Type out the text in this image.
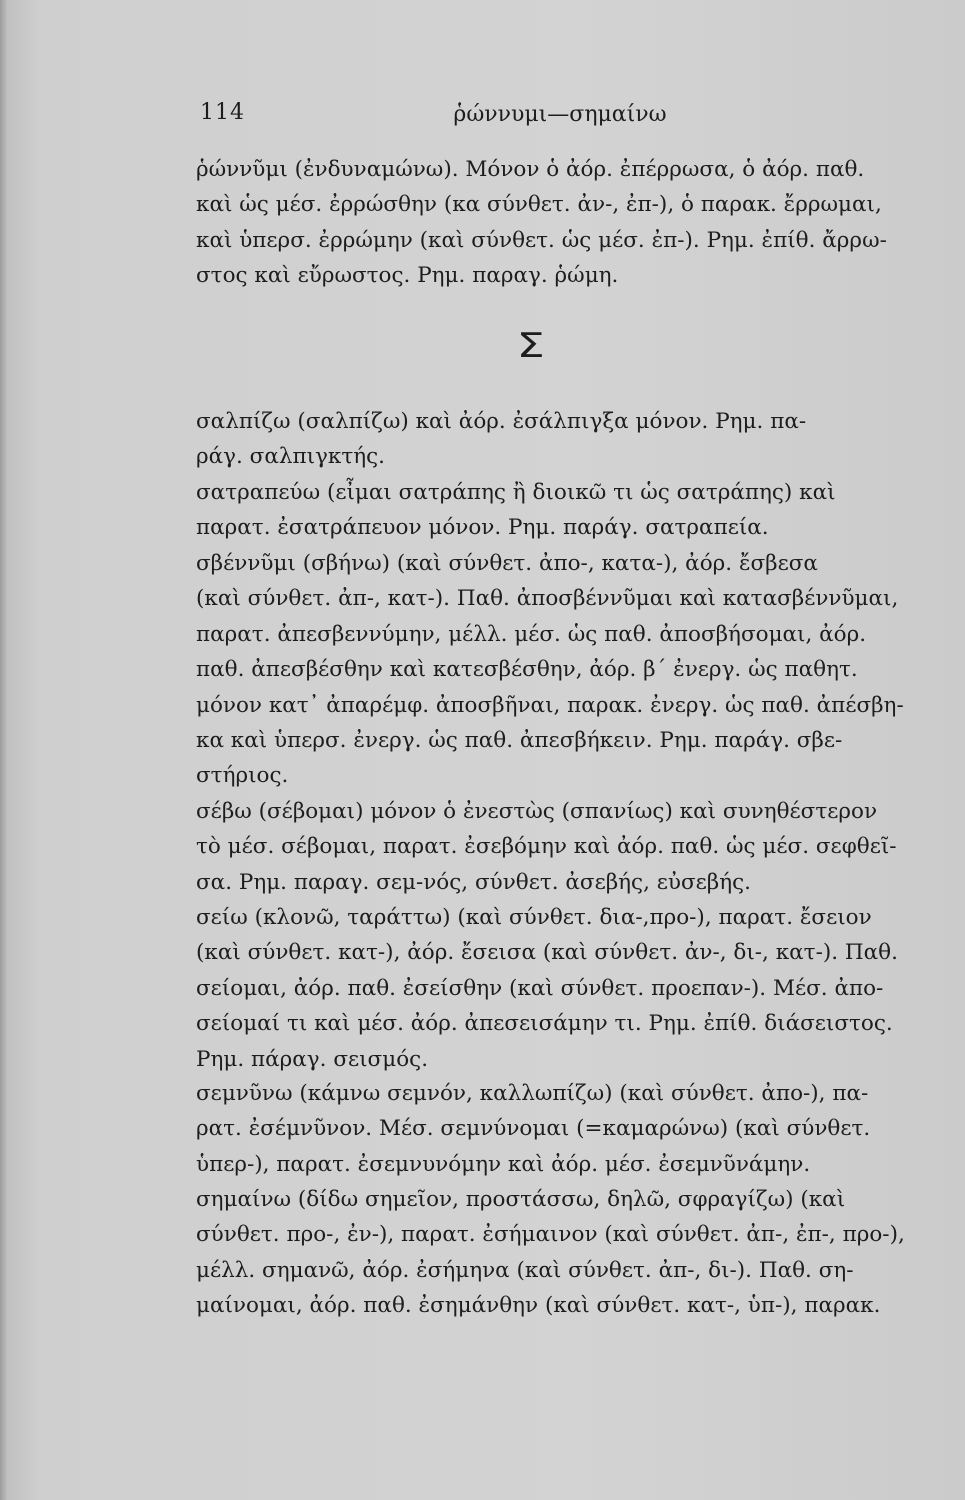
114	ῥώννυμι—σημαίνω
ῥώννῦμι (ἐνδυναμώνω). Μόνον ὁ ἀόρ. ἐπέρρωσα, ὁ ἀόρ. παθ.
καὶ ὡς μέσ. ἐρρώσθην (κα σύνθετ. ἀν-, ἐπ-), ὁ παρακ. ἔρρωμαι,
καὶ ὑπερσ. ἐρρώμην (καὶ σύνθετ. ὡς μέσ. ἐπ-). Ρημ. ἐπίθ. ἄρρω-
στος καὶ εὔρωστος. Ρημ. παραγ. ῥώμη.
Σ
σαλπίζω (σαλπίζω) καὶ ἀόρ. ἐσάλπιγξα μόνον. Ρημ. πα-
ράγ. σαλπιγκτής.
σατραπεύω (εἶμαι σατράπης ἢ διοικῶ τι ὡς σατράπης) καὶ
παρατ. ἐσατράπευον μόνον. Ρημ. παράγ. σατραπεία.
σβέννῦμι (σβήνω) (καὶ σύνθετ. ἀπο-, κατα-), ἀόρ. ἔσβεσα
(καὶ σύνθετ. ἀπ-, κατ-). Παθ. ἀποσβέννῦμαι καὶ κατασβέννῦμαι,
παρατ. ἀπεσβεννύμην, μέλλ. μέσ. ὡς παθ. ἀποσβήσομαι, ἀόρ.
παθ. ἀπεσβέσθην καὶ κατεσβέσθην, ἀόρ. β΄ ἐνεργ. ὡς παθητ.
μόνον κατ᾽ ἀπαρέμφ. ἀποσβῆναι, παρακ. ἐνεργ. ὡς παθ. ἀπέσβη-
κα καὶ ὑπερσ. ἐνεργ. ὡς παθ. ἀπεσβήκειν. Ρημ. παράγ. σβε-
στήριος.
σέβω (σέβομαι) μόνον ὁ ἐνεστὼς (σπανίως) καὶ συνηθέστερον
τὸ μέσ. σέβομαι, παρατ. ἐσεβόμην καὶ ἀόρ. παθ. ὡς μέσ. σεφθεῖ-
σα. Ρημ. παραγ. σεμ-νός, σύνθετ. ἀσεβής, εὐσεβής.
σείω (κλονῶ, ταράττω) (καὶ σύνθετ. δια-,προ-), παρατ. ἔσειον
(καὶ σύνθετ. κατ-), ἀόρ. ἔσεισα (καὶ σύνθετ. ἀν-, δι-, κατ-). Παθ.
σείομαι, ἀόρ. παθ. ἐσείσθην (καὶ σύνθετ. προεπαν-). Μέσ. ἀπο-
σείομαί τι καὶ μέσ. ἀόρ. ἀπεσεισάμην τι. Ρημ. ἐπίθ. διάσειστος.
Ρημ. πάραγ. σεισμός.
σεμνῦνω (κάμνω σεμνόν, καλλωπίζω) (καὶ σύνθετ. ἀπο-), πα-
ρατ. ἐσέμνῦνον. Μέσ. σεμνύνομαι (=καμαρώνω) (καὶ σύνθετ.
ὑπερ-), παρατ. ἐσεμνυνόμην καὶ ἀόρ. μέσ. ἐσεμνῦνάμην.
σημαίνω (δίδω σημεῖον, προστάσσω, δηλῶ, σφραγίζω) (καὶ
σύνθετ. προ-, ἐν-), παρατ. ἐσήμαινον (καὶ σύνθετ. ἀπ-, ἐπ-, προ-),
μέλλ. σημανῶ, ἀόρ. ἐσήμηνα (καὶ σύνθετ. ἀπ-, δι-). Παθ. ση-
μαίνομαι, ἀόρ. παθ. ἐσημάνθην (καὶ σύνθετ. κατ-, ὑπ-), παρακ.
